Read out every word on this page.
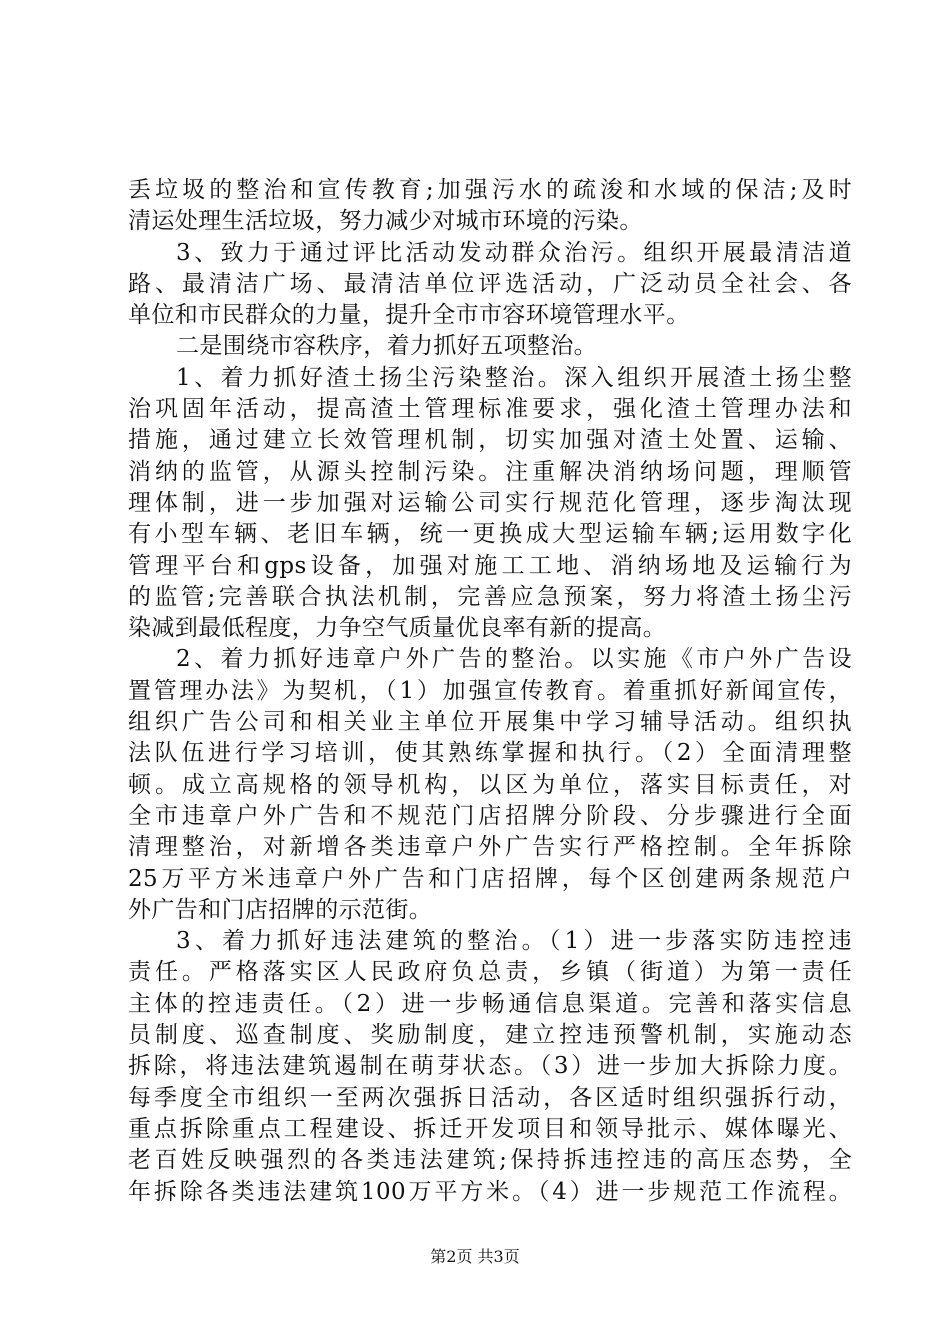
丢垃圾的整治和宣传教育;加强污水的疏浚和水域的保洁;及时
清运处理生活垃圾，努力减少对城市环境的污染。
3、致力于通过评比活动发动群众治污。组织开展最清洁道
路、最清洁广场、最清洁单位评选活动，广泛动员全社会、各
单位和市民群众的力量，提升全市市容环境管理水平。
二是围绕市容秩序，着力抓好五项整治。
1、着力抓好渣土扬尘污染整治。深入组织开展渣土扬尘整
治巩固年活动，提高渣土管理标准要求，强化渣土管理办法和
措施，通过建立长效管理机制，切实加强对渣土处置、运输、
消纳的监管，从源头控制污染。注重解决消纳场问题，理顺管
理体制，进一步加强对运输公司实行规范化管理，逐步淘汰现
有小型车辆、老旧车辆，统一更换成大型运输车辆;运用数字化
管理平台和gps设备，加强对施工工地、消纳场地及运输行为
的监管;完善联合执法机制，完善应急预案，努力将渣土扬尘污
染减到最低程度，力争空气质量优良率有新的提高。
2、着力抓好违章户外广告的整治。以实施《市户外广告设
置管理办法》为契机，（1）加强宣传教育。着重抓好新闻宣传，
组织广告公司和相关业主单位开展集中学习辅导活动。组织执
法队伍进行学习培训，使其熟练掌握和执行。（2）全面清理整
顿。成立高规格的领导机构，以区为单位，落实目标责任，对
全市违章户外广告和不规范门店招牌分阶段、分步骤进行全面
清理整治，对新增各类违章户外广告实行严格控制。全年拆除
25万平方米违章户外广告和门店招牌，每个区创建两条规范户
外广告和门店招牌的示范街。
3、着力抓好违法建筑的整治。（1）进一步落实防违控违
责任。严格落实区人民政府负总责，乡镇（街道）为第一责任
主体的控违责任。（2）进一步畅通信息渠道。完善和落实信息
员制度、巡查制度、奖励制度，建立控违预警机制，实施动态
拆除，将违法建筑遏制在萌芽状态。（3）进一步加大拆除力度。
每季度全市组织一至两次强拆日活动，各区适时组织强拆行动，
重点拆除重点工程建设、拆迁开发项目和领导批示、媒体曝光、
老百姓反映强烈的各类违法建筑;保持拆违控违的高压态势，全
年拆除各类违法建筑100万平方米。（4）进一步规范工作流程。
第2页 共3页
